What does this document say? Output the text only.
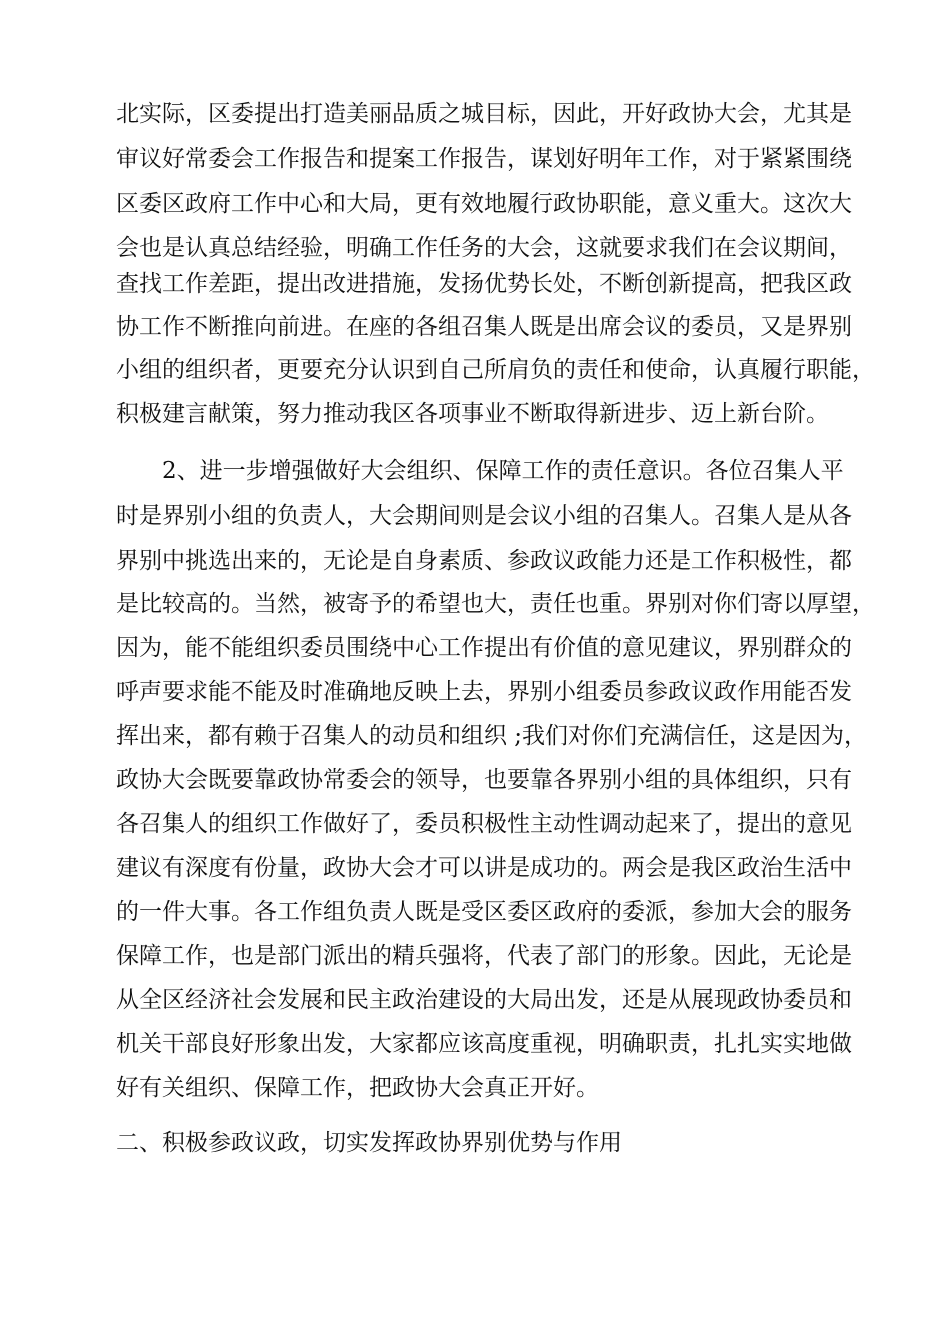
北实际，区委提出打造美丽品质之城目标，因此，开好政协大会，尤其是
审议好常委会工作报告和提案工作报告，谋划好明年工作，对于紧紧围绕
区委区政府工作中心和大局，更有效地履行政协职能，意义重大。这次大
会也是认真总结经验，明确工作任务的大会，这就要求我们在会议期间，
查找工作差距，提出改进措施，发扬优势长处，不断创新提高，把我区政
协工作不断推向前进。在座的各组召集人既是出席会议的委员，又是界别
小组的组织者，更要充分认识到自己所肩负的责任和使命，认真履行职能，
积极建言献策，努力推动我区各项事业不断取得新进步、迈上新台阶。
2、进一步增强做好大会组织、保障工作的责任意识。各位召集人平
时是界别小组的负责人，大会期间则是会议小组的召集人。召集人是从各
界别中挑选出来的，无论是自身素质、参政议政能力还是工作积极性，都
是比较高的。当然，被寄予的希望也大，责任也重。界别对你们寄以厚望，
因为，能不能组织委员围绕中心工作提出有价值的意见建议，界别群众的
呼声要求能不能及时准确地反映上去，界别小组委员参政议政作用能否发
挥出来，都有赖于召集人的动员和组织 ;我们对你们充满信任，这是因为，
政协大会既要靠政协常委会的领导，也要靠各界别小组的具体组织，只有
各召集人的组织工作做好了，委员积极性主动性调动起来了，提出的意见
建议有深度有份量，政协大会才可以讲是成功的。两会是我区政治生活中
的一件大事。各工作组负责人既是受区委区政府的委派，参加大会的服务
保障工作，也是部门派出的精兵强将，代表了部门的形象。因此，无论是
从全区经济社会发展和民主政治建设的大局出发，还是从展现政协委员和
机关干部良好形象出发，大家都应该高度重视，明确职责，扎扎实实地做
好有关组织、保障工作，把政协大会真正开好。
二、积极参政议政，切实发挥政协界别优势与作用
